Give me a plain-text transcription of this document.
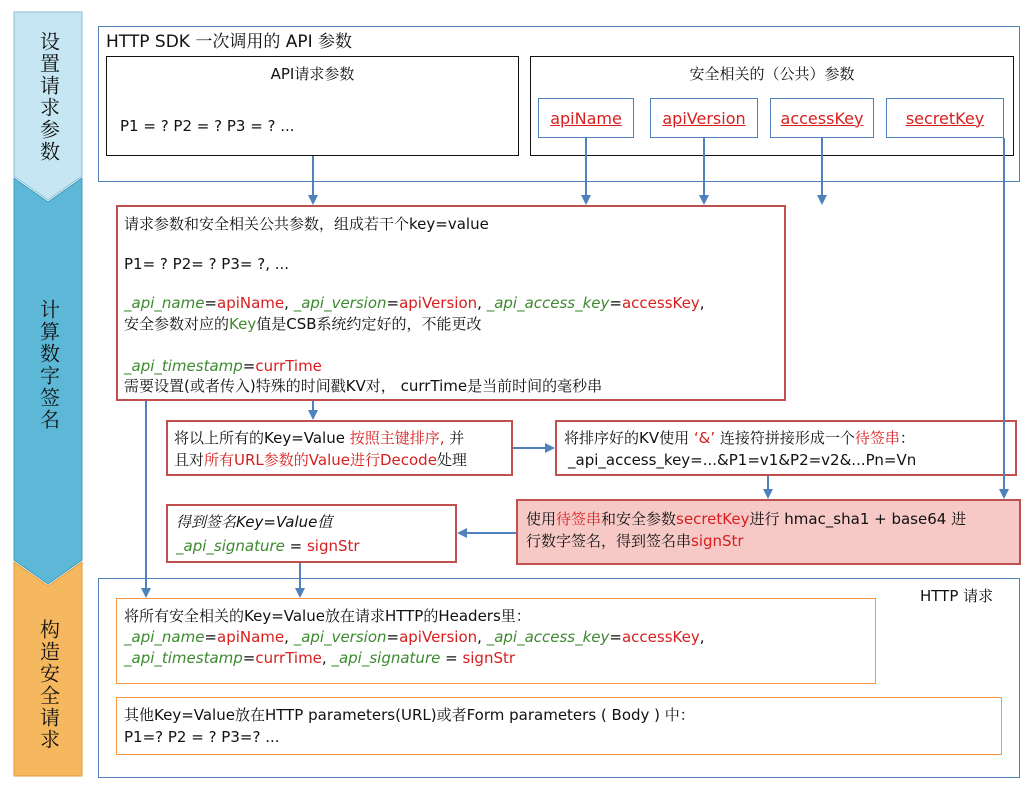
设置请求参数
计算数字签名
构造安全请求
HTTP SDK 一次调用的 API 参数
API请求参数
P1 = ? P2 = ? P3 = ? ...
安全相关的（公共）参数
apiName	apiVersion	accessKey	secretKey
请求参数和安全相关公共参数，组成若干个key=value
P1= ? P2= ? P3= ?, ...
_api_name=apiName, _api_version=apiVersion, _api_access_key=accessKey,
安全参数对应的Key值是CSB系统约定好的，不能更改
_api_timestamp=currTime
需要设置(或者传入)特殊的时间戳KV对， currTime是当前时间的毫秒串
将以上所有的Key=Value 按照主键排序, 并
且对所有URL参数的Value进行Decode处理
将排序好的KV使用 ‘&’ 连接符拼接形成一个待签串：
_api_access_key=...&P1=v1&P2=v2&...Pn=Vn
使用待签串和安全参数secretKey进行 hmac_sha1 + base64 进
行数字签名，得到签名串signStr
得到签名Key=Value值
_api_signature = signStr
HTTP 请求
将所有安全相关的Key=Value放在请求HTTP的Headers里：
_api_name=apiName, _api_version=apiVersion, _api_access_key=accessKey,
_api_timestamp=currTime, _api_signature = signStr
其他Key=Value放在HTTP parameters(URL)或者Form parameters ( Body ) 中：
P1=? P2 = ? P3=? ...
